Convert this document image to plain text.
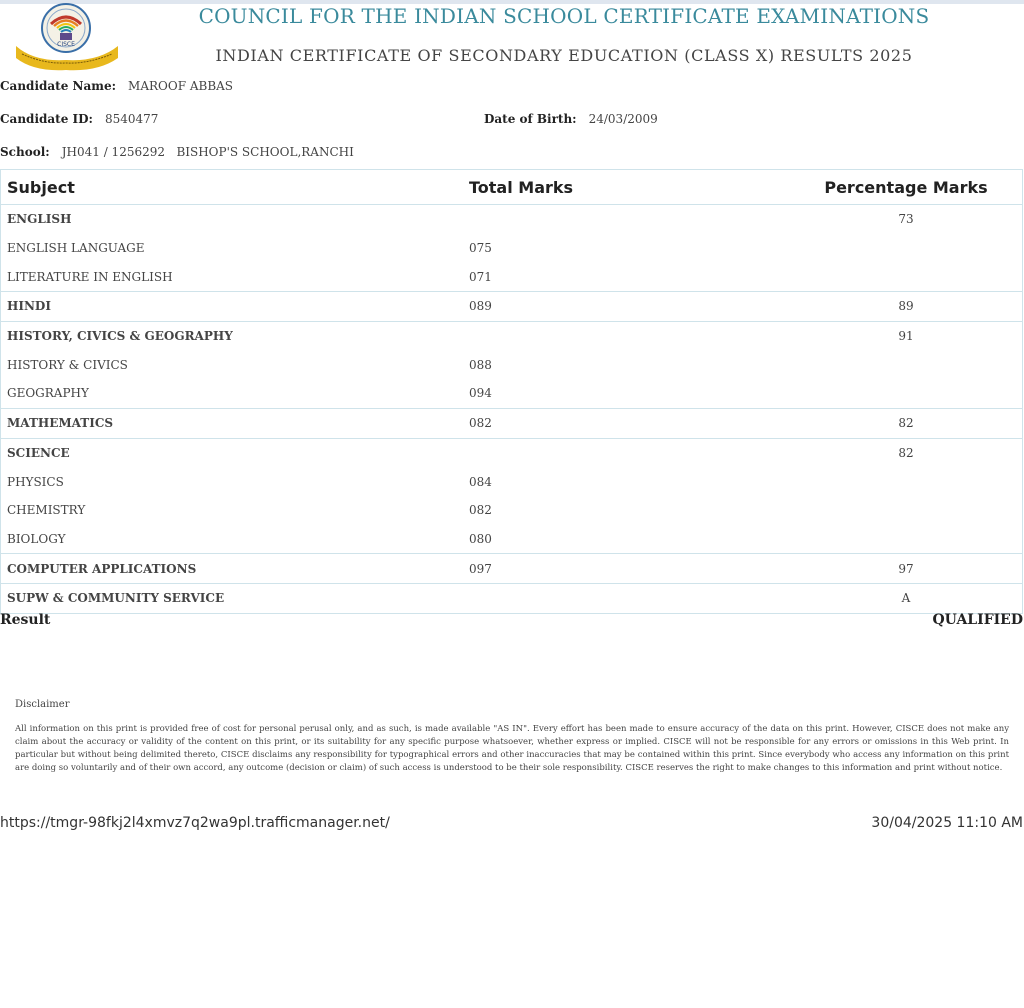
CISCE
COUNCIL FOR THE INDIAN SCHOOL CERTIFICATE EXAMINATIONS
INDIAN CERTIFICATE OF SECONDARY EDUCATION (CLASS X) RESULTS 2025
Candidate Name: MAROOF ABBAS
Candidate ID: 8540477	Date of Birth: 24/03/2009
School: JH041 / 1256292   BISHOP'S SCHOOL,RANCHI
Subject	Total Marks	Percentage Marks
ENGLISH		73
ENGLISH LANGUAGE	075	
LITERATURE IN ENGLISH	071	
HINDI	089	89
HISTORY, CIVICS & GEOGRAPHY		91
HISTORY & CIVICS	088	
GEOGRAPHY	094	
MATHEMATICS	082	82
SCIENCE		82
PHYSICS	084	
CHEMISTRY	082	
BIOLOGY	080	
COMPUTER APPLICATIONS	097	97
SUPW & COMMUNITY SERVICE		A
Result	QUALIFIED
Disclaimer
All information on this print is provided free of cost for personal perusal only, and as such, is made available "AS IN". Every effort has been made to ensure accuracy of the data on this print. However, CISCE does not make any claim about the accuracy or validity of the content on this print, or its suitability for any specific purpose whatsoever, whether express or implied. CISCE will not be responsible for any errors or omissions in this Web print. In particular but without being delimited thereto, CISCE disclaims any responsibility for typographical errors and other inaccuracies that may be contained within this print. Since everybody who access any information on this print are doing so voluntarily and of their own accord, any outcome (decision or claim) of such access is understood to be their sole responsibility. CISCE reserves the right to make changes to this information and print without notice.
https://tmgr-98fkj2l4xmvz7q2wa9pl.trafficmanager.net/	30/04/2025 11:10 AM
